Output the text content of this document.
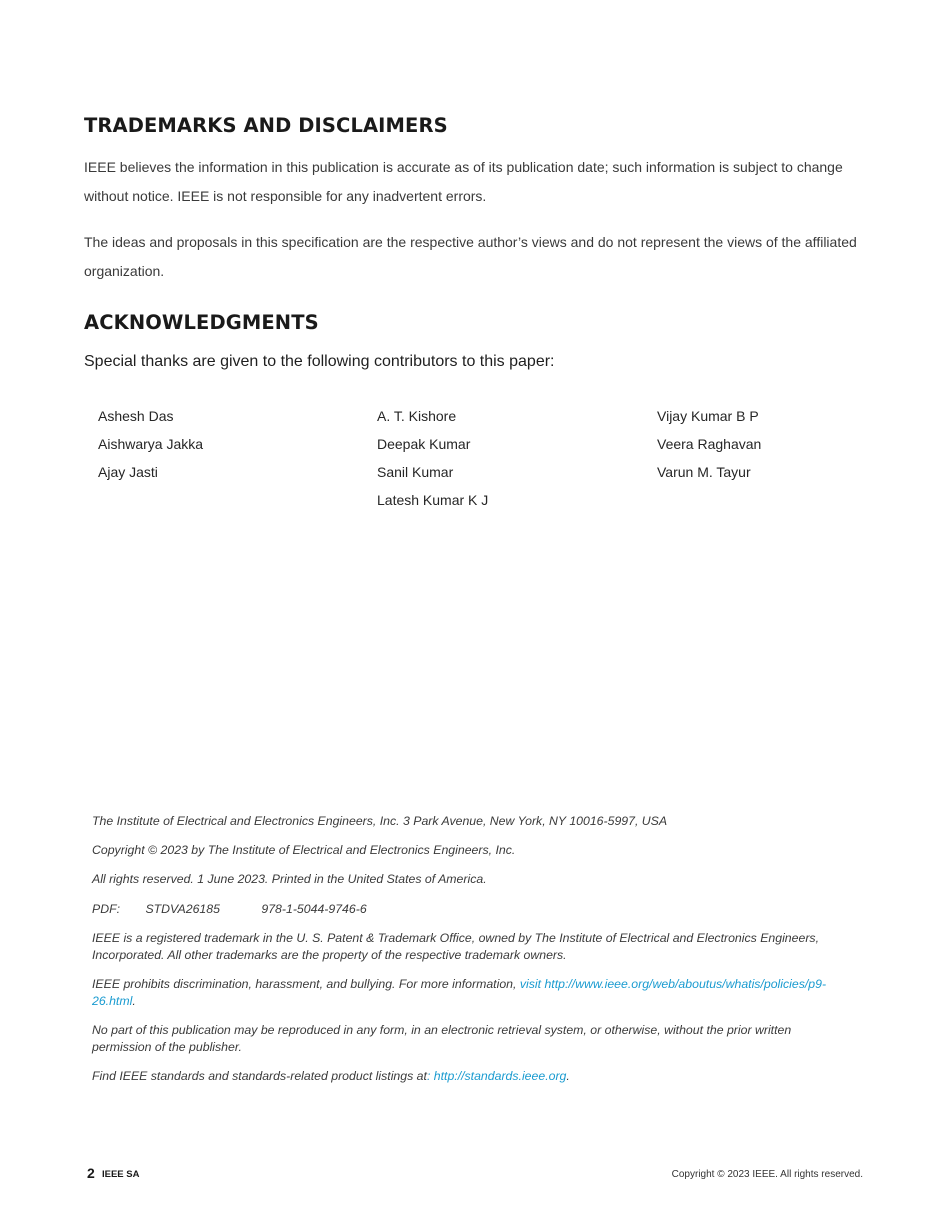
TRADEMARKS AND DISCLAIMERS

IEEE believes the information in this publication is accurate as of its publication date; such information is subject to change without notice. IEEE is not responsible for any inadvertent errors.

The ideas and proposals in this specification are the respective author’s views and do not represent the views of the affiliated organization.

ACKNOWLEDGMENTS

Special thanks are given to the following contributors to this paper:

Ashesh Das
Aishwarya Jakka
Ajay Jasti
A. T. Kishore
Deepak Kumar
Sanil Kumar
Latesh Kumar K J
Vijay Kumar B P
Veera Raghavan
Varun M. Tayur

The Institute of Electrical and Electronics Engineers, Inc. 3 Park Avenue, New York, NY 10016-5997, USA

Copyright © 2023 by The Institute of Electrical and Electronics Engineers, Inc.

All rights reserved. 1 June 2023. Printed in the United States of America.

PDF: STDVA26185	978-1-5044-9746-6

IEEE is a registered trademark in the U. S. Patent & Trademark Office, owned by The Institute of Electrical and Electronics Engineers, Incorporated. All other trademarks are the property of the respective trademark owners.

IEEE prohibits discrimination, harassment, and bullying. For more information, visit http://www.ieee.org/web/aboutus/whatis/policies/p9-26.html.

No part of this publication may be reproduced in any form, in an electronic retrieval system, or otherwise, without the prior written permission of the publisher.

Find IEEE standards and standards-related product listings at: http://standards.ieee.org.

2 IEEE SA	Copyright © 2023 IEEE. All rights reserved.
